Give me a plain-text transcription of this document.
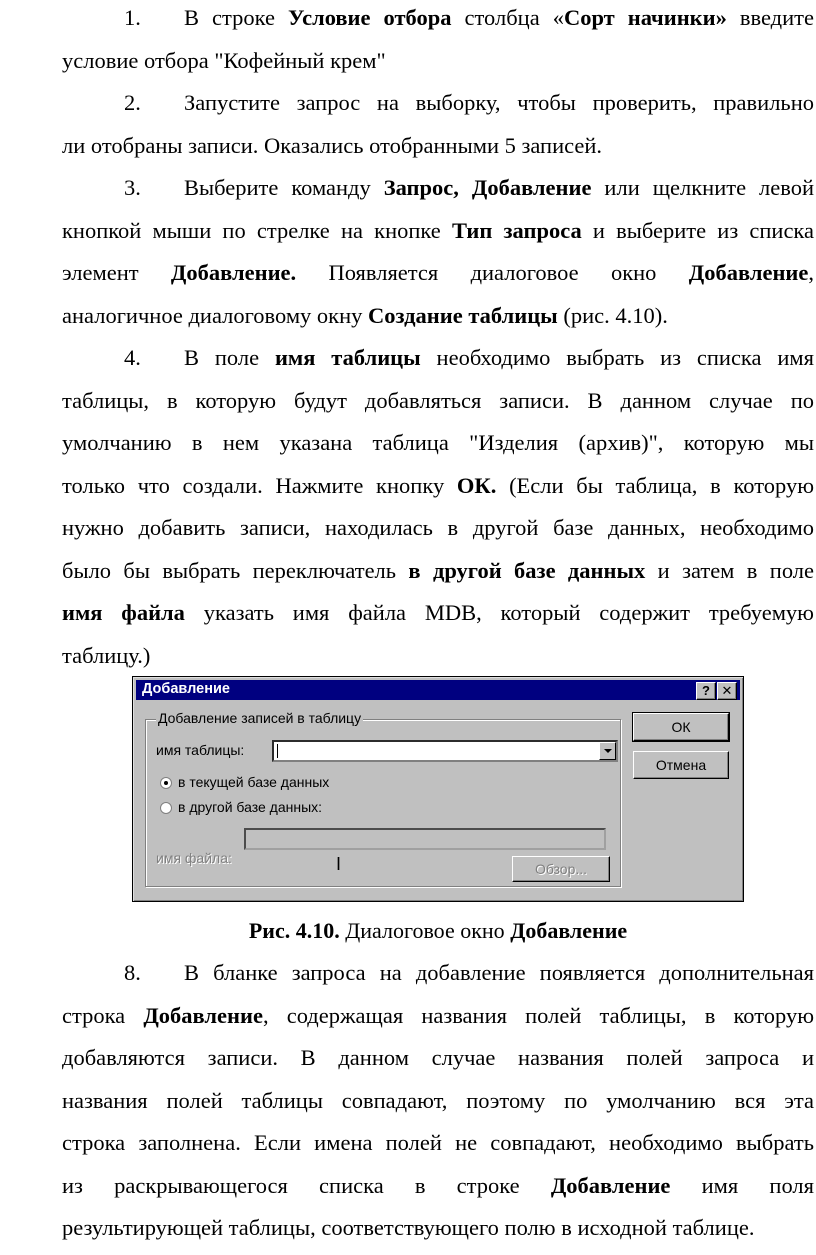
1. В строке Условие отбора столбца «Сорт начинки» введите
условие отбора "Кофейный крем"
2. Запустите запрос на выборку, чтобы проверить, правильно
ли отобраны записи. Оказались отобранными 5 записей.
3. Выберите команду Запрос, Добавление или щелкните левой
кнопкой мыши по стрелке на кнопке Тип запроса и выберите из списка
элемент Добавление. Появляется диалоговое окно Добавление,
аналогичное диалоговому окну Создание таблицы (рис. 4.10).
4. В поле имя таблицы необходимо выбрать из списка имя
таблицы, в которую будут добавляться записи. В данном случае по
умолчанию в нем указана таблица "Изделия (архив)", которую мы
только что создали. Нажмите кнопку ОК. (Если бы таблица, в которую
нужно добавить записи, находилась в другой базе данных, необходимо
было бы выбрать переключатель в другой базе данных и затем в поле
имя файла указать имя файла MDB, который содержит требуемую
таблицу.)
Добавление	? ✕
Добавление записей в таблицу
имя таблицы:
в текущей базе данных
в другой базе данных:
имя файла:	I	Обзор...
ОК
Отмена
Рис. 4.10. Диалоговое окно Добавление
8. В бланке запроса на добавление появляется дополнительная
строка Добавление, содержащая названия полей таблицы, в которую
добавляются записи. В данном случае названия полей запроса и
названия полей таблицы совпадают, поэтому по умолчанию вся эта
строка заполнена. Если имена полей не совпадают, необходимо выбрать
из раскрывающегося списка в строке Добавление имя поля
результирующей таблицы, соответствующего полю в исходной таблице.
